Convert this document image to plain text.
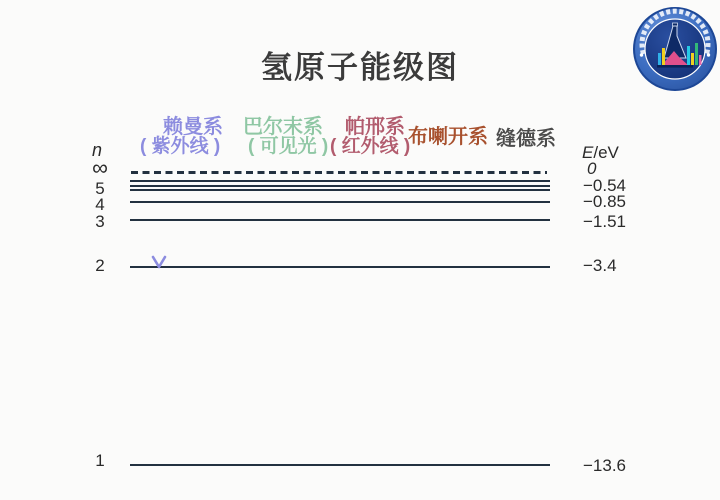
氢原子能级图
赖曼系 巴尔末系 帕邢系
( 紫外线 ) ( 可见光 ) ( 红外线 )
布喇开系 缝德系
n	E/eV
0
∞
5
4
3
2
1
−0.54
−0.85
−1.51
−3.4
−13.6
